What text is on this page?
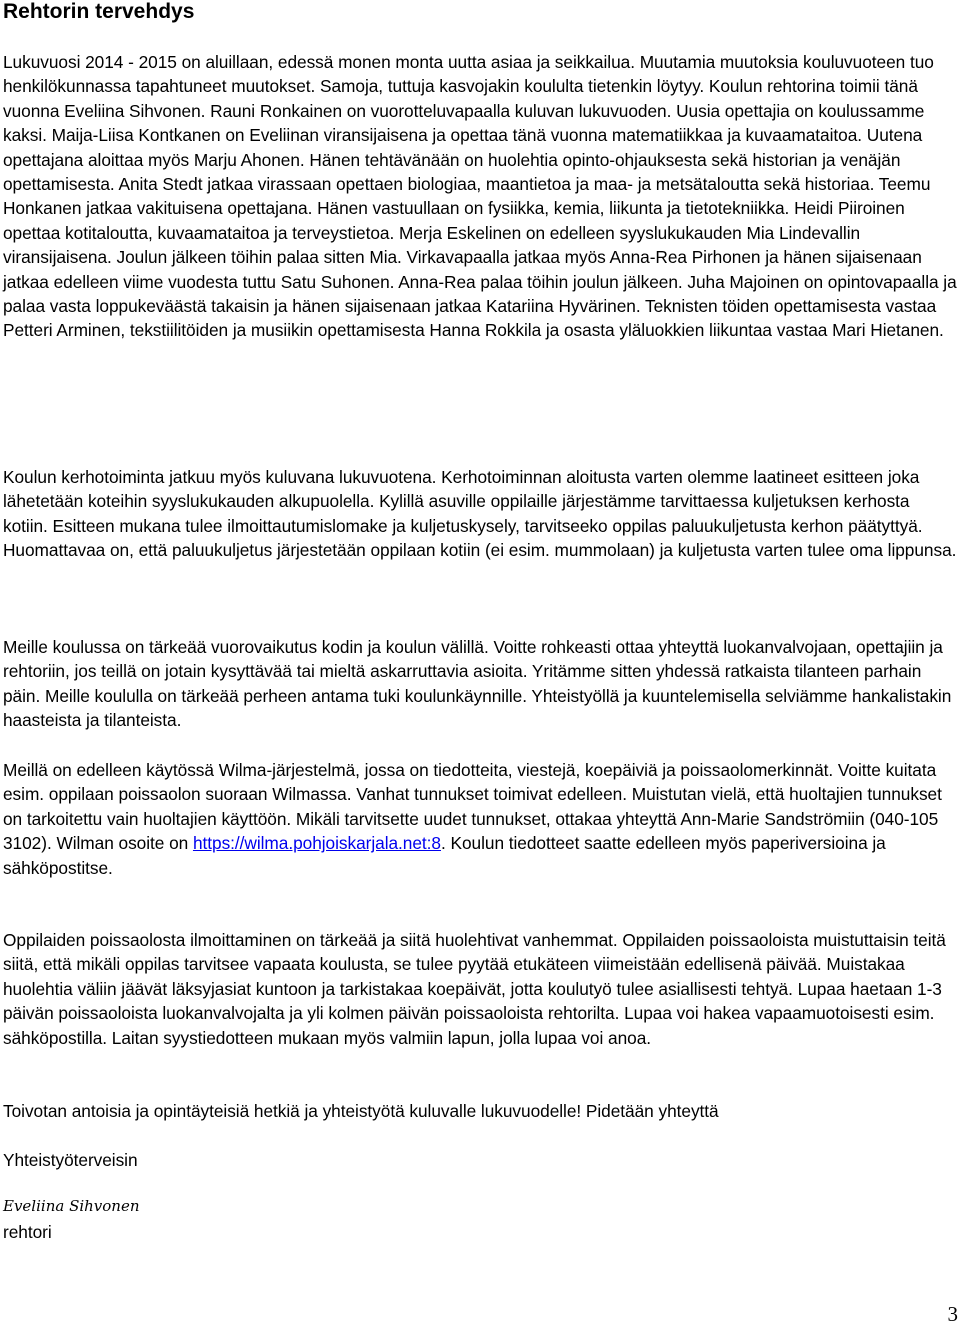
Rehtorin tervehdys

Lukuvuosi 2014 - 2015 on aluillaan, edessä monen monta uutta asiaa ja seikkailua. Muutamia muutoksia kouluvuoteen tuo henkilökunnassa tapahtuneet muutokset. Samoja, tuttuja kasvojakin koululta tietenkin löytyy. Koulun rehtorina toimii tänä vuonna Eveliina Sihvonen. Rauni Ronkainen on vuorotteluvapaalla kuluvan lukuvuoden. Uusia opettajia on koulussamme kaksi. Maija-Liisa Kontkanen on Eveliinan viransijaisena ja opettaa tänä vuonna matematiikkaa ja kuvaamataitoa. Uutena opettajana aloittaa myös Marju Ahonen. Hänen tehtävänään on huolehtia opinto-ohjauksesta sekä historian ja venäjän opettamisesta. Anita Stedt jatkaa virassaan opettaen biologiaa, maantietoa ja maa- ja metsätaloutta sekä historiaa. Teemu Honkanen jatkaa vakituisena opettajana. Hänen vastuullaan on fysiikka, kemia, liikunta ja tietotekniikka. Heidi Piiroinen opettaa kotitaloutta, kuvaamataitoa ja terveystietoa. Merja Eskelinen on edelleen syyslukukauden Mia Lindevallin viransijaisena. Joulun jälkeen töihin palaa sitten Mia. Virkavapaalla jatkaa myös Anna-Rea Pirhonen ja hänen sijaisenaan jatkaa edelleen viime vuodesta tuttu Satu Suhonen. Anna-Rea palaa töihin joulun jälkeen. Juha Majoinen on opintovapaalla ja palaa vasta loppukeväästä takaisin ja hänen sijaisenaan jatkaa Katariina Hyvärinen. Teknisten töiden opettamisesta vastaa Petteri Arminen, tekstiilitöiden ja musiikin opettamisesta Hanna Rokkila ja osasta yläluokkien liikuntaa vastaa Mari Hietanen.

Koulun kerhotoiminta jatkuu myös kuluvana lukuvuotena. Kerhotoiminnan aloitusta varten olemme laatineet esitteen joka lähetetään koteihin syyslukukauden alkupuolella. Kylillä asuville oppilaille järjestämme tarvittaessa kuljetuksen kerhosta kotiin. Esitteen mukana tulee ilmoittautumislomake ja kuljetuskysely, tarvitseeko oppilas paluukuljetusta kerhon päätyttyä. Huomattavaa on, että paluukuljetus järjestetään oppilaan kotiin (ei esim. mummolaan) ja kuljetusta varten tulee oma lippunsa.

Meille koulussa on tärkeää vuorovaikutus kodin ja koulun välillä. Voitte rohkeasti ottaa yhteyttä luokanvalvojaan, opettajiin ja rehtoriin, jos teillä on jotain kysyttävää tai mieltä askarruttavia asioita. Yritämme sitten yhdessä ratkaista tilanteen parhain päin. Meille koululla on tärkeää perheen antama tuki koulunkäynnille. Yhteistyöllä ja kuuntelemisella selviämme hankalistakin haasteista ja tilanteista.

Meillä on edelleen käytössä Wilma-järjestelmä, jossa on tiedotteita, viestejä, koepäiviä ja poissaolomerkinnät. Voitte kuitata esim. oppilaan poissaolon suoraan Wilmassa. Vanhat tunnukset toimivat edelleen. Muistutan vielä, että huoltajien tunnukset on tarkoitettu vain huoltajien käyttöön. Mikäli tarvitsette uudet tunnukset, ottakaa yhteyttä Ann-Marie Sandströmiin (040-105 3102). Wilman osoite on https://wilma.pohjoiskarjala.net:8. Koulun tiedotteet saatte edelleen myös paperiversioina ja sähköpostitse.

Oppilaiden poissaolosta ilmoittaminen on tärkeää ja siitä huolehtivat vanhemmat. Oppilaiden poissaoloista muistuttaisin teitä siitä, että mikäli oppilas tarvitsee vapaata koulusta, se tulee pyytää etukäteen viimeistään edellisenä päivää. Muistakaa huolehtia väliin jäävät läksyjasiat kuntoon ja tarkistakaa koepäivät, jotta koulutyö tulee asiallisesti tehtyä. Lupaa haetaan 1-3 päivän poissaoloista luokanvalvojalta ja yli kolmen päivän poissaoloista rehtorilta. Lupaa voi hakea vapaamuotoisesti esim. sähköpostilla. Laitan syystiedotteen mukaan myös valmiin lapun, jolla lupaa voi anoa.

Toivotan antoisia ja opintäyteisiä hetkiä ja yhteistyötä kuluvalle lukuvuodelle! Pidetään yhteyttä

Yhteistyöterveisin

Eveliina Sihvonen

rehtori

3
